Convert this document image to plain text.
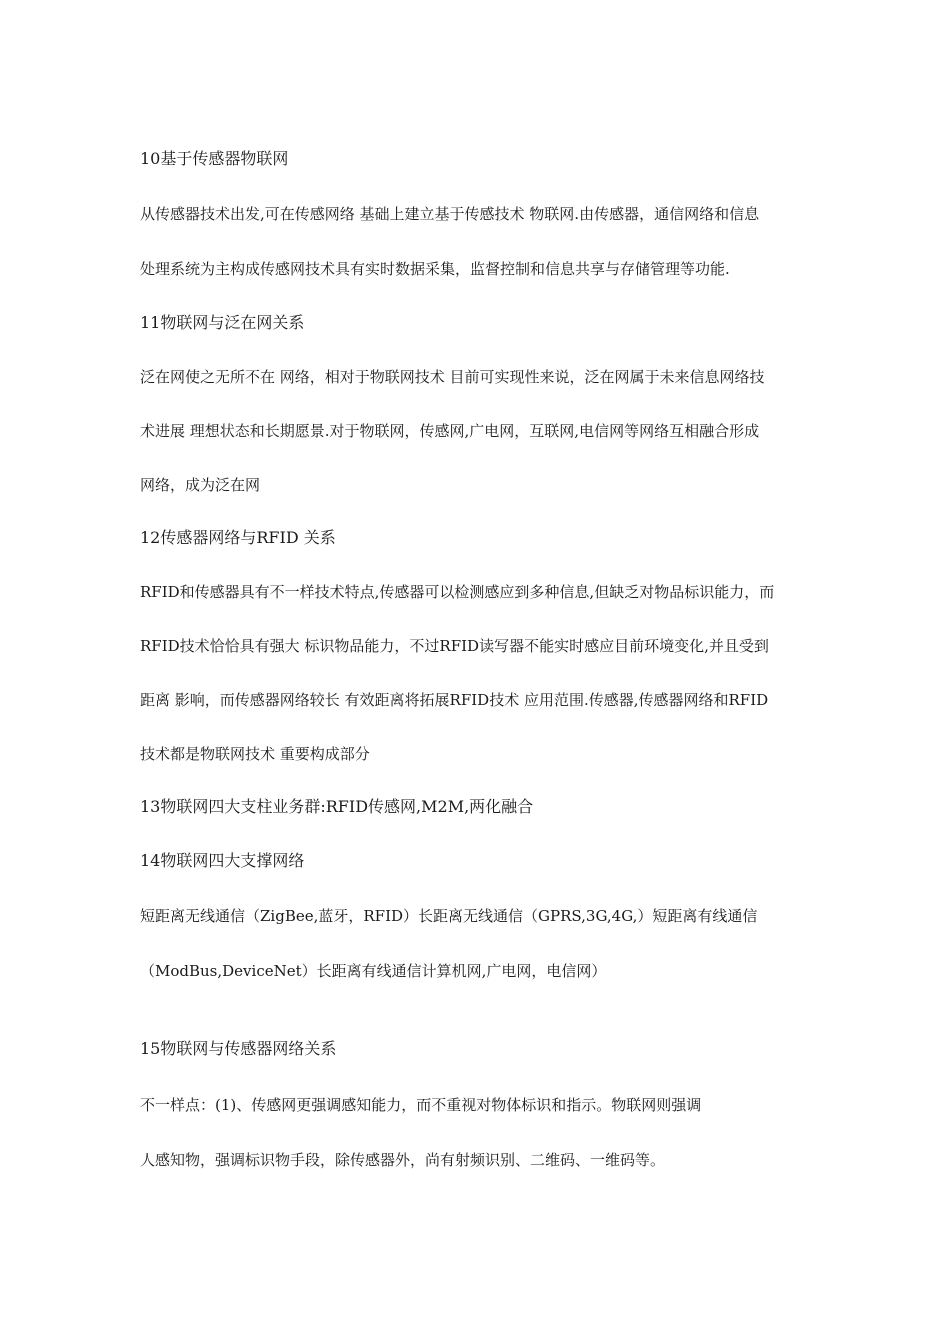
10基于传感器物联网
从传感器技术出发,可在传感网络 基础上建立基于传感技术 物联网.由传感器，通信网络和信息
处理系统为主构成传感网技术具有实时数据采集，监督控制和信息共享与存储管理等功能.
11物联网与泛在网关系
泛在网使之无所不在 网络，相对于物联网技术 目前可实现性来说，泛在网属于未来信息网络技
术进展 理想状态和长期愿景.对于物联网，传感网,广电网，互联网,电信网等网络互相融合形成
网络，成为泛在网
12传感器网络与RFID 关系
RFID和传感器具有不一样技术特点,传感器可以检测感应到多种信息,但缺乏对物品标识能力，而
RFID技术恰恰具有强大 标识物品能力，不过RFID读写器不能实时感应目前环境变化,并且受到
距离 影响，而传感器网络较长 有效距离将拓展RFID技术 应用范围.传感器,传感器网络和RFID
技术都是物联网技术 重要构成部分
13物联网四大支柱业务群:RFID传感网,M2M,两化融合
14物联网四大支撑网络
短距离无线通信（ZigBee,蓝牙，RFID）长距离无线通信（GPRS,3G,4G,）短距离有线通信
（ModBus,DeviceNet）长距离有线通信计算机网,广电网，电信网）
15物联网与传感器网络关系
不一样点：(1)、传感网更强调感知能力，而不重视对物体标识和指示。物联网则强调
人感知物，强调标识物手段，除传感器外，尚有射频识别、二维码、一维码等。
